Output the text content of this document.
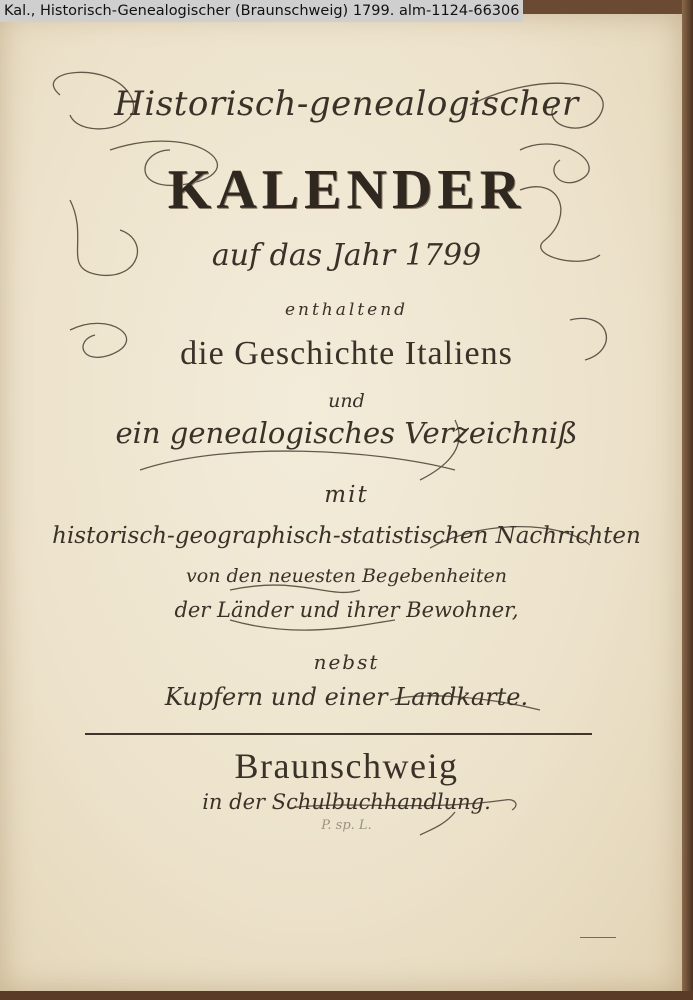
Kal., Historisch-Genealogischer (Braunschweig) 1799. alm-1124-66306
Historisch-genealogischer
KALENDER
auf das Jahr 1799
enthaltend
die Geschichte Italiens
und
ein genealogisches Verzeichniß
mit
historisch-geographisch-statistischen Nachrichten
von den neuesten Begebenheiten
der Länder und ihrer Bewohner,
nebst
Kupfern und einer Landkarte.
Braunschweig
in der Schulbuchhandlung.
P. sp. L.
